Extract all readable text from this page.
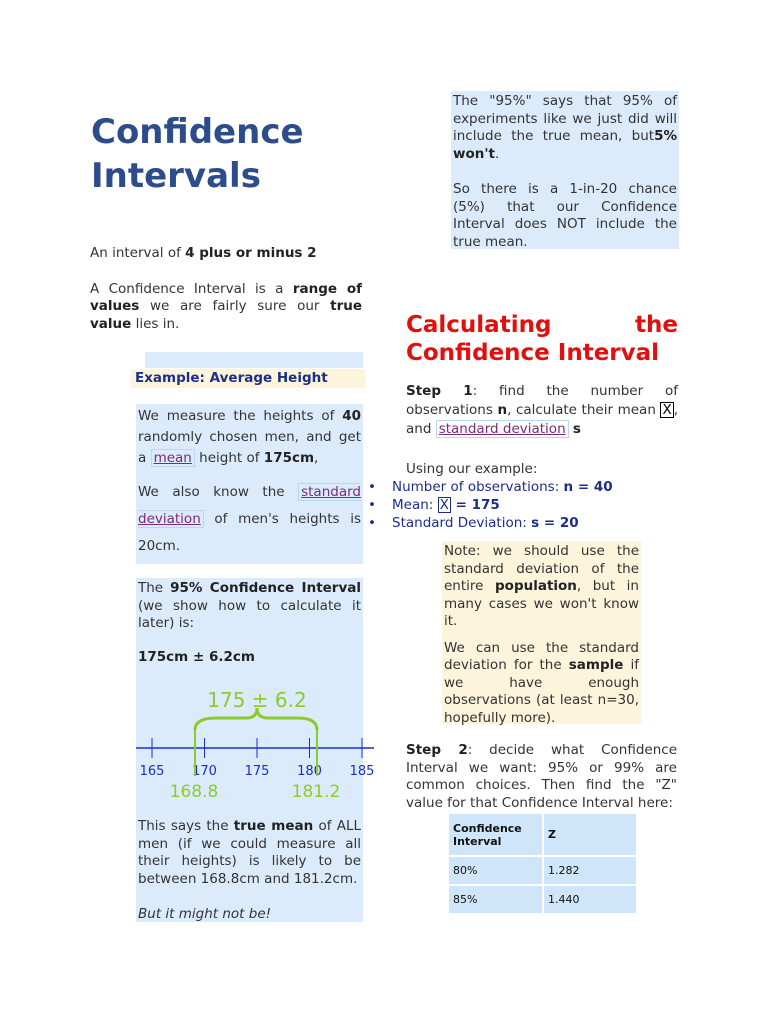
Confidence
Intervals

An interval of 4 plus or minus 2

A Confidence Interval is a range of values we are fairly sure our true value lies in.

The "95%" says that 95% of experiments like we just did will include the true mean, but5% won't.

So there is a 1-in-20 chance (5%) that our Confidence Interval does NOT include the true mean.

Example: Average Height

We measure the heights of 40 randomly chosen men, and get a mean height of 175cm,

We also know the standard deviation of men's heights is 20cm.

The 95% Confidence Interval (we show how to calculate it later) is:

175cm ± 6.2cm

175 ± 6.2
165 170 175 180 185
168.8	181.2

This says the true mean of ALL men (if we could measure all their heights) is likely to be between 168.8cm and 181.2cm.

But it might not be!

Calculating	the
Confidence Interval

Step 1: find the number of observations n, calculate their mean X , and standard deviation s

Using our example:

• Number of observations: n = 40
• Mean: X = 175
• Standard Deviation: s = 20

Note: we should use the standard deviation of the entire population, but in many cases we won't know it.

We can use the standard deviation for the sample if we have enough observations (at least n=30, hopefully more).

Step 2: decide what Confidence Interval we want: 95% or 99% are common choices. Then find the "Z" value for that Confidence Interval here:

Confidence Interval	Z
80%	1.282
85%	1.440
